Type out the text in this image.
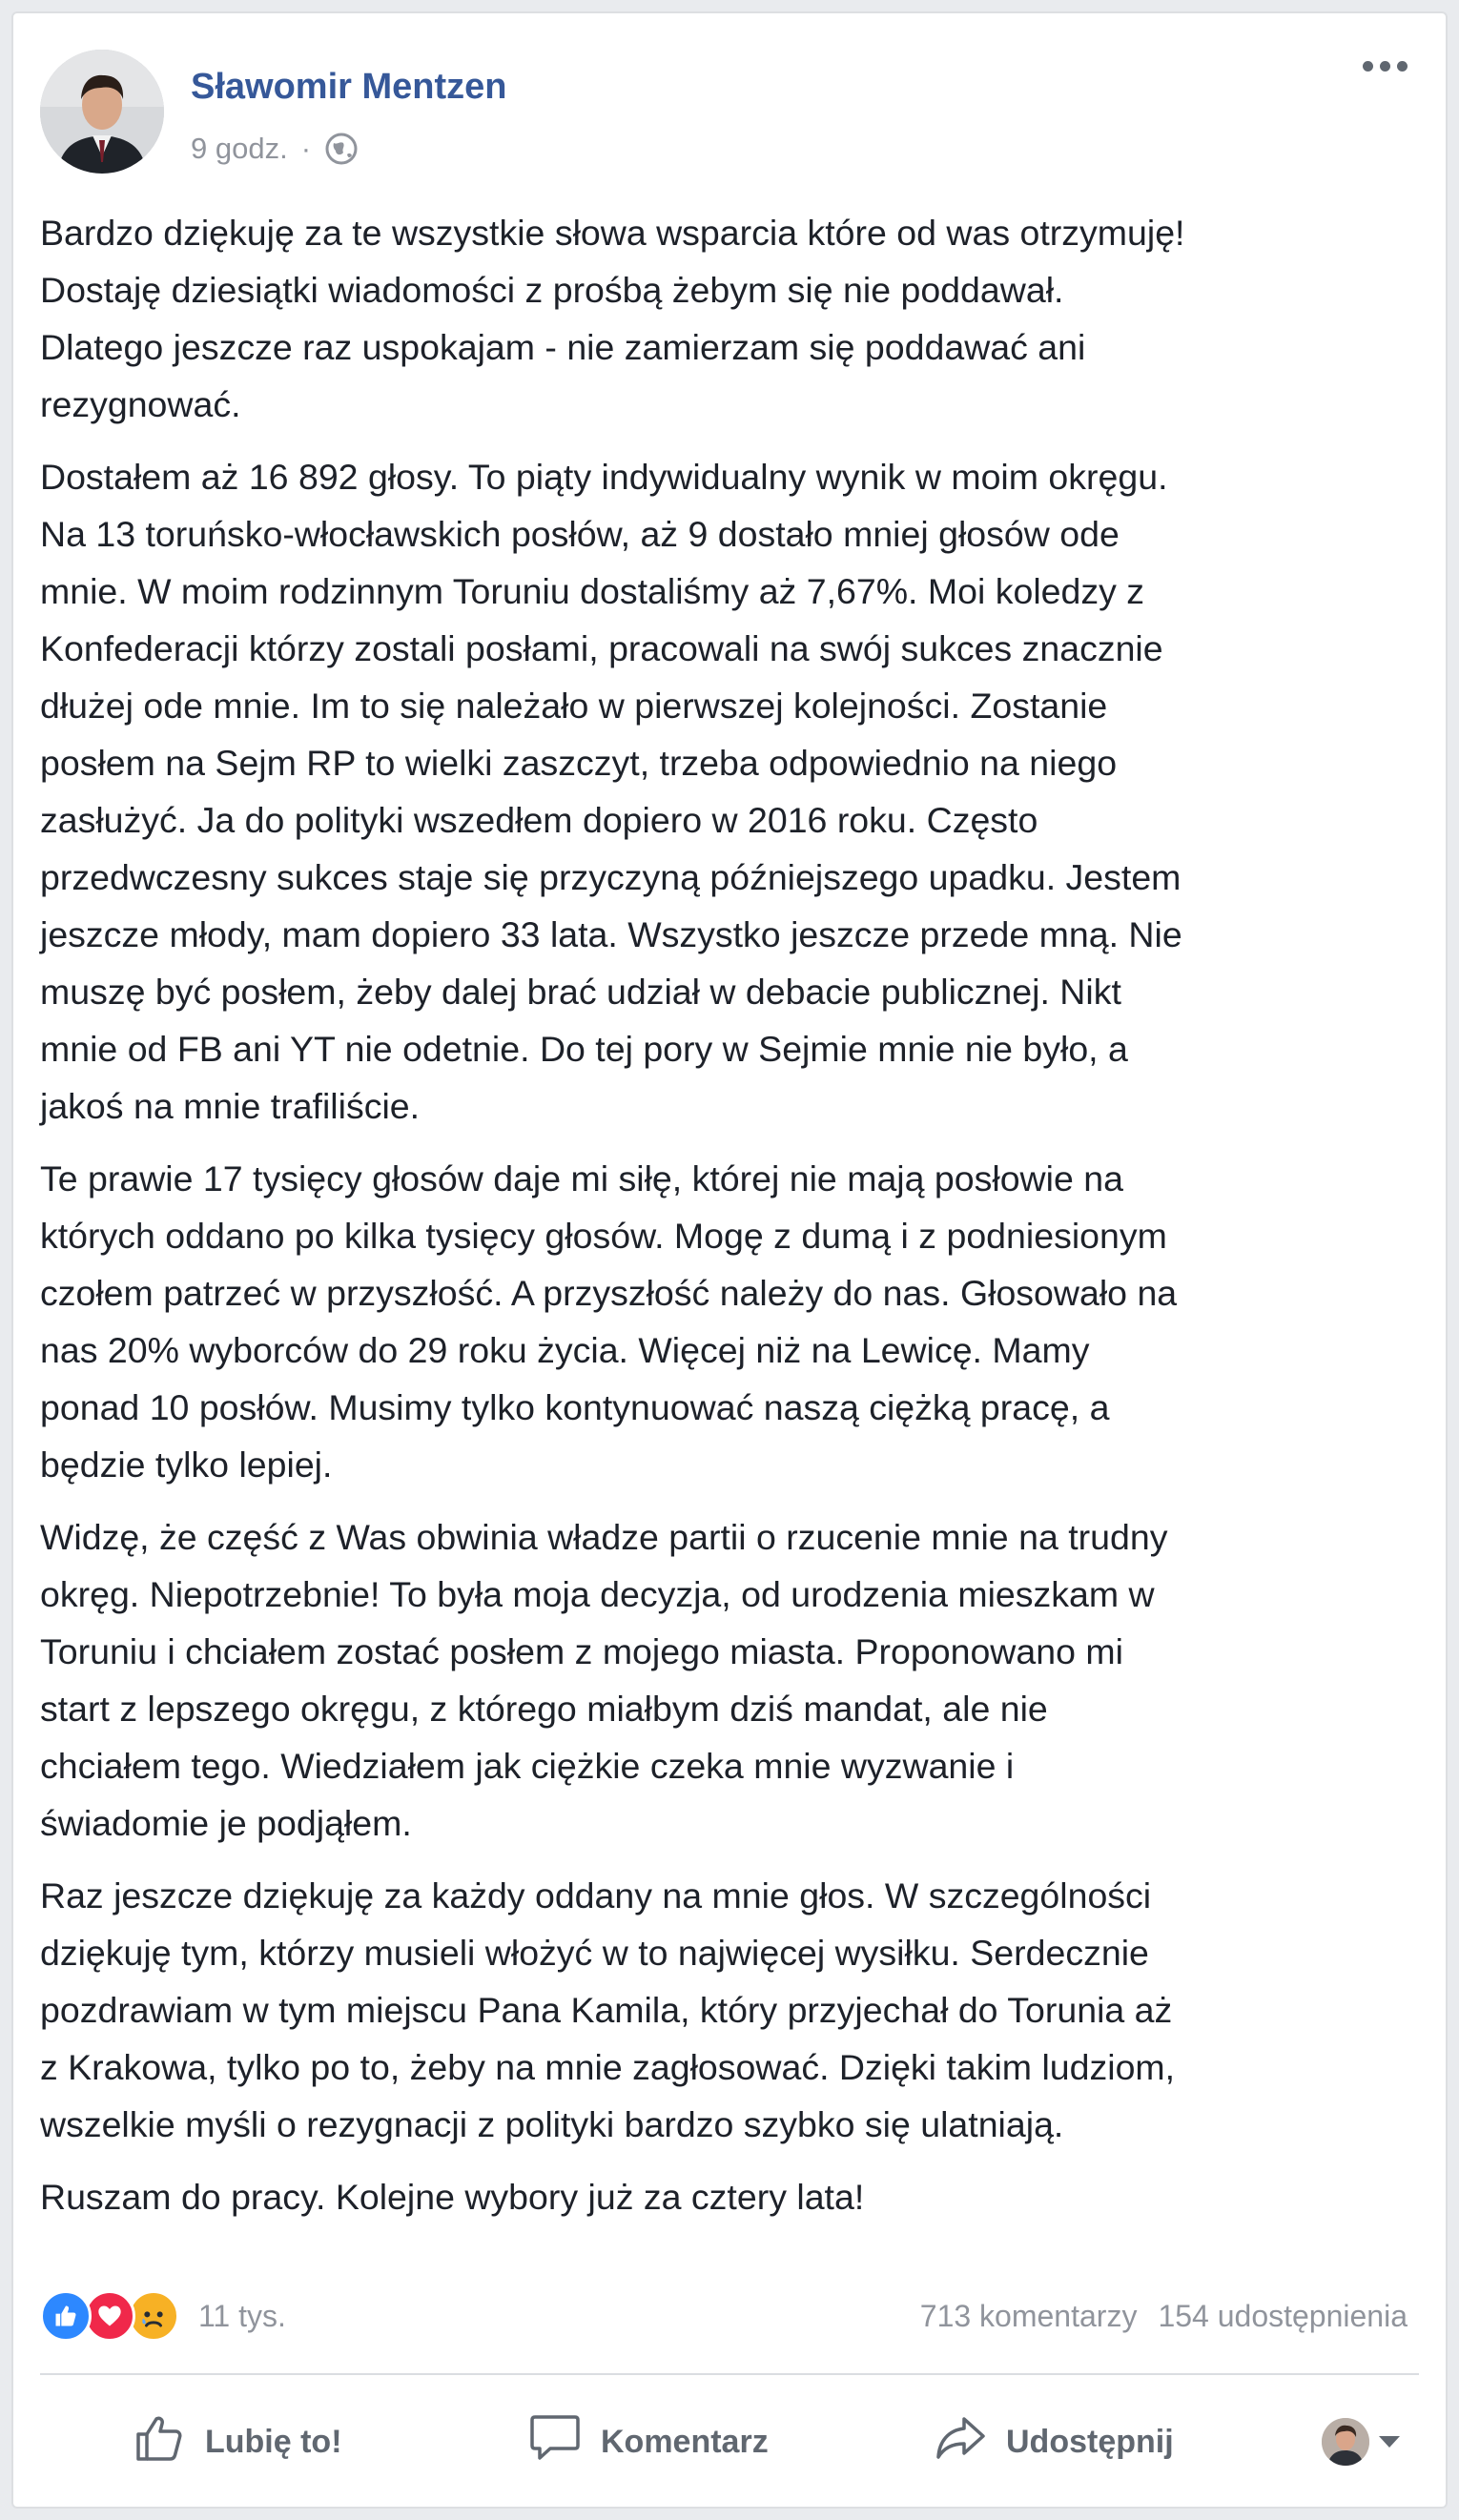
Sławomir Mentzen
9 godz. ·

Bardzo dziękuję za te wszystkie słowa wsparcia które od was otrzymuję!
Dostaję dziesiątki wiadomości z prośbą żebym się nie poddawał.
Dlatego jeszcze raz uspokajam - nie zamierzam się poddawać ani
rezygnować.

Dostałem aż 16 892 głosy. To piąty indywidualny wynik w moim okręgu.
Na 13 toruńsko-włocławskich posłów, aż 9 dostało mniej głosów ode
mnie. W moim rodzinnym Toruniu dostaliśmy aż 7,67%. Moi koledzy z
Konfederacji którzy zostali posłami, pracowali na swój sukces znacznie
dłużej ode mnie. Im to się należało w pierwszej kolejności. Zostanie
posłem na Sejm RP to wielki zaszczyt, trzeba odpowiednio na niego
zasłużyć. Ja do polityki wszedłem dopiero w 2016 roku. Często
przedwczesny sukces staje się przyczyną późniejszego upadku. Jestem
jeszcze młody, mam dopiero 33 lata. Wszystko jeszcze przede mną. Nie
muszę być posłem, żeby dalej brać udział w debacie publicznej. Nikt
mnie od FB ani YT nie odetnie. Do tej pory w Sejmie mnie nie było, a
jakoś na mnie trafiliście.

Te prawie 17 tysięcy głosów daje mi siłę, której nie mają posłowie na
których oddano po kilka tysięcy głosów. Mogę z dumą i z podniesionym
czołem patrzeć w przyszłość. A przyszłość należy do nas. Głosowało na
nas 20% wyborców do 29 roku życia. Więcej niż na Lewicę. Mamy
ponad 10 posłów. Musimy tylko kontynuować naszą ciężką pracę, a
będzie tylko lepiej.

Widzę, że część z Was obwinia władze partii o rzucenie mnie na trudny
okręg. Niepotrzebnie! To była moja decyzja, od urodzenia mieszkam w
Toruniu i chciałem zostać posłem z mojego miasta. Proponowano mi
start z lepszego okręgu, z którego miałbym dziś mandat, ale nie
chciałem tego. Wiedziałem jak ciężkie czeka mnie wyzwanie i
świadomie je podjąłem.

Raz jeszcze dziękuję za każdy oddany na mnie głos. W szczególności
dziękuję tym, którzy musieli włożyć w to najwięcej wysiłku. Serdecznie
pozdrawiam w tym miejscu Pana Kamila, który przyjechał do Torunia aż
z Krakowa, tylko po to, żeby na mnie zagłosować. Dzięki takim ludziom,
wszelkie myśli o rezygnacji z polityki bardzo szybko się ulatniają.

Ruszam do pracy. Kolejne wybory już za cztery lata!

11 tys.	713 komentarzy 154 udostępnienia
Lubię to!	Komentarz	Udostępnij
